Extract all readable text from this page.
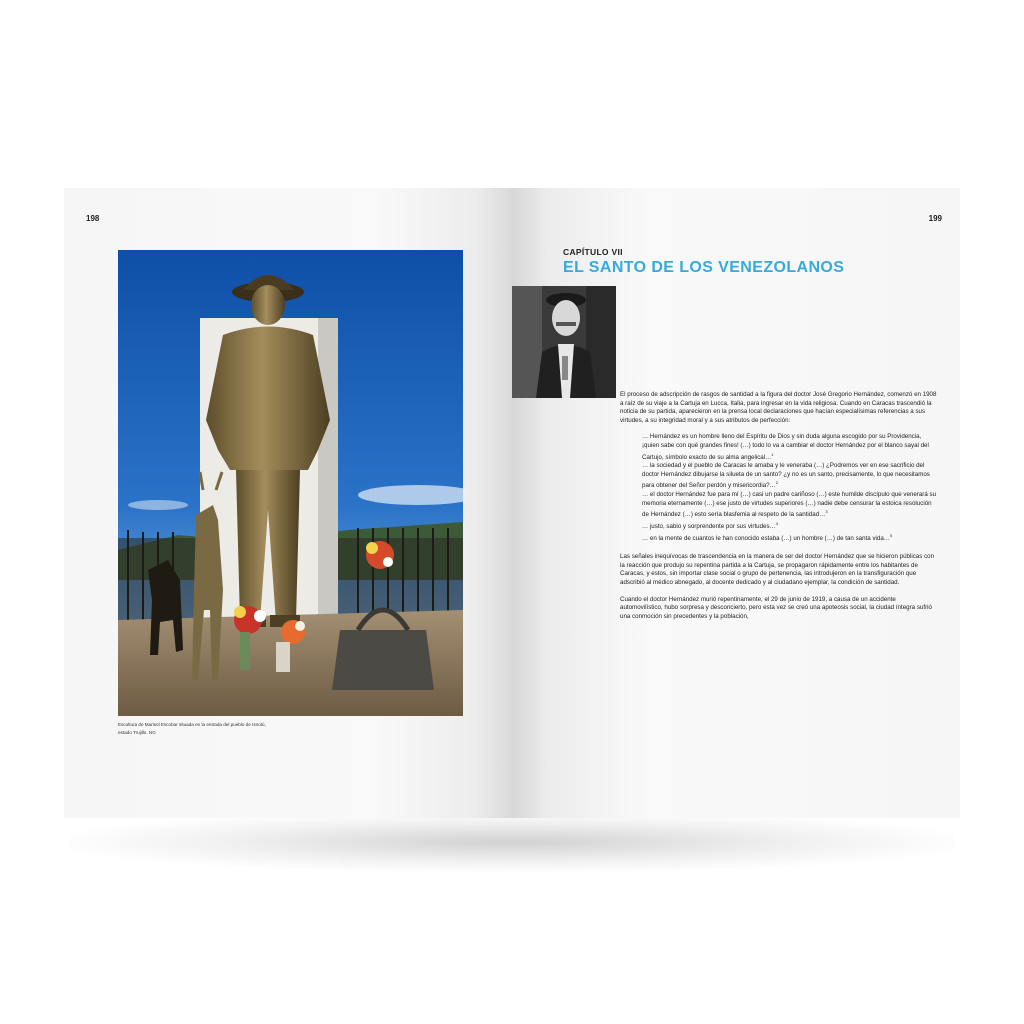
198
Escultura de Marisol Escobar situada en la entrada del pueblo de Isnotú, estado Trujillo. NG
199
CAPÍTULO VII
EL SANTO DE LOS VENEZOLANOS

El proceso de adscripción de rasgos de santidad a la figura del doctor José Gregorio Hernández, comenzó en 1908 a raíz de su viaje a la Cartuja en Lucca, Italia, para ingresar en la vida religiosa. Cuando en Caracas trascendió la noticia de su partida, aparecieron en la prensa local declaraciones que hacían especialísimas referencias a sus virtudes, a su integridad moral y a sus atributos de perfección:

… Hernández es un hombre lleno del Espíritu de Dios y sin duda alguna escogido por su Providencia, ¡quien sabe con qué grandes fines! (…) todo lo va a cambiar el doctor Hernández por el blanco sayal del Cartujo, símbolo exacto de su alma angelical…$^1$

… la sociedad y el pueblo de Caracas le amaba y le veneraba (…) ¿Podremos ver en ese sacrificio del doctor Hernández dibujarse la silueta de un santo? ¿y no es un santo, precisamente, lo que necesitamos para obtener del Señor perdón y misericordia?…$^2$

… el doctor Hernández fue para mí (…) casi un padre cariñoso (…) este humilde discípulo que venerará su memoria eternamente (…) ese justo de virtudes superiores (…) nadie debe censurar la estoica resolución de Hernández (…) esto sería blasfemia al respeto de la santidad…$^3$

… justo, sabio y sorprendente por sus virtudes…$^4$

… en la mente de cuantos le han conocido estaba (…) un hombre (…) de tan santa vida…$^5$

Las señales inequívocas de trascendencia en la manera de ser del doctor Hernández que se hicieron públicas con la reacción que produjo su repentina partida a la Cartuja, se propagaron rápidamente entre los habitantes de Caracas, y estos, sin importar clase social o grupo de pertenencia, las introdujeron en la transfiguración que adscribió al médico abnegado, al docente dedicado y al ciudadano ejemplar, la condición de santidad.

Cuando el doctor Hernández murió repentinamente, el 29 de junio de 1919, a causa de un accidente automovilístico, hubo sorpresa y desconcierto, pero esta vez se creó una apoteosis social, la ciudad íntegra sufrió una conmoción sin precedentes y la población,
